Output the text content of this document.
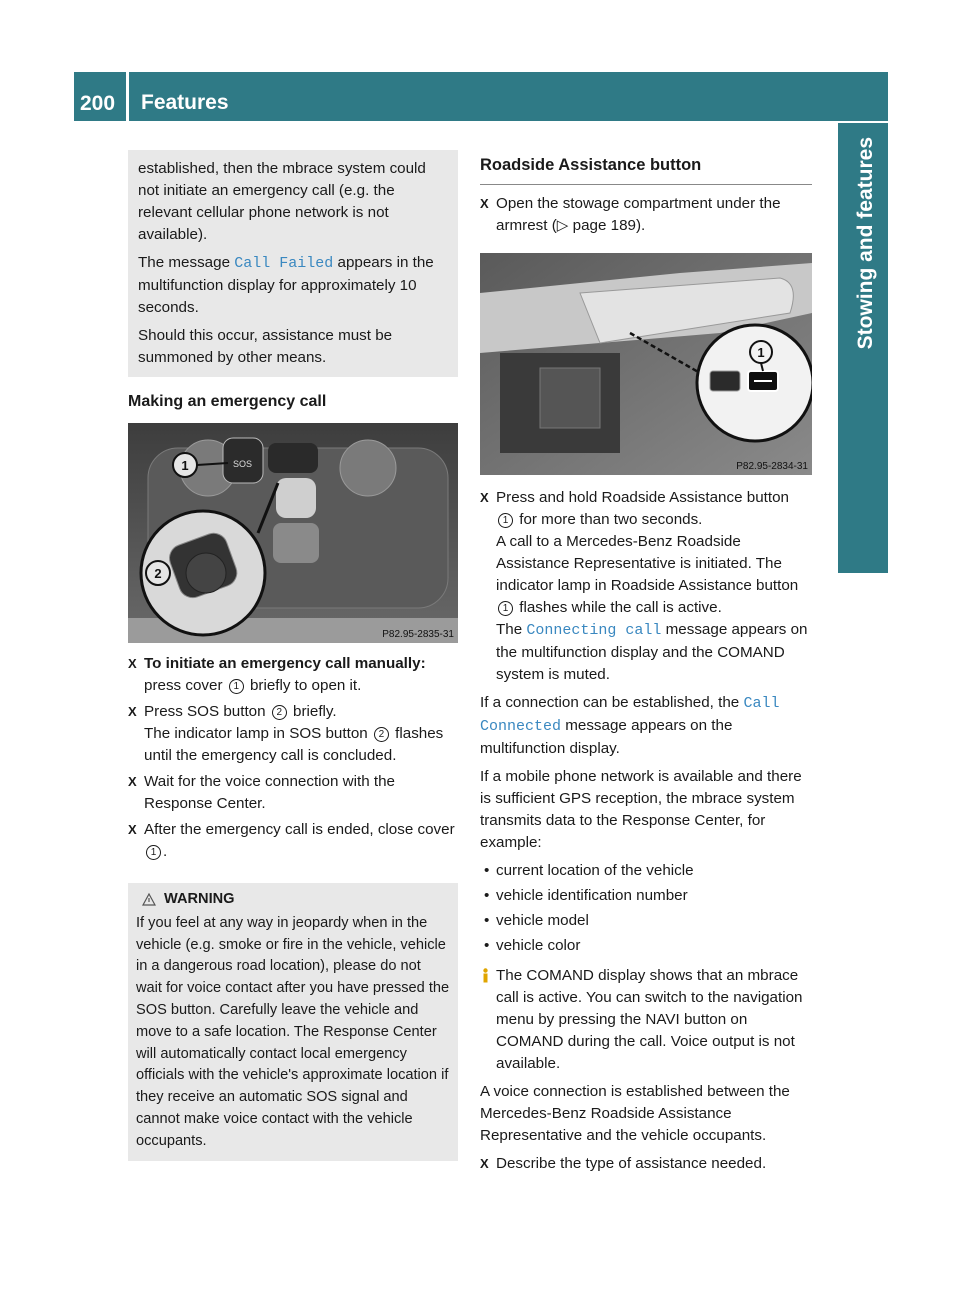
200	Features
Stowing and features

established, then the mbrace system could not initiate an emergency call (e.g. the relevant cellular phone network is not available).

The message Call Failed appears in the multifunction display for approximately 10 seconds.

Should this occur, assistance must be summoned by other means.

Making an emergency call
SOS
1
2
P82.95-2835-31
X To initiate an emergency call manually: press cover 1 briefly to open it.

X Press SOS button 2 briefly.

The indicator lamp in SOS button 2 flashes until the emergency call is concluded.

X Wait for the voice connection with the Response Center.

X After the emergency call is ended, close cover 1 .

WARNING

If you feel at any way in jeopardy when in the vehicle (e.g. smoke or fire in the vehicle, vehicle in a dangerous road location), please do not wait for voice contact after you have pressed the SOS button. Carefully leave the vehicle and move to a safe location. The Response Center will automatically contact local emergency officials with the vehicle's approximate location if they receive an automatic SOS signal and cannot make voice contact with the vehicle occupants.

Roadside Assistance button
X Open the stowage compartment under the armrest (▷ page 189).

1
P82.95-2834-31
X Press and hold Roadside Assistance button 1 for more than two seconds.

A call to a Mercedes-Benz Roadside Assistance Representative is initiated. The indicator lamp in Roadside Assistance button 1 flashes while the call is active.

The Connecting call message appears on the multifunction display and the COMAND system is muted.

If a connection can be established, the Call Connected message appears on the multifunction display.

If a mobile phone network is available and there is sufficient GPS reception, the mbrace system transmits data to the Response Center, for example:

• current location of the vehicle
• vehicle identification number
• vehicle model
• vehicle color

The COMAND display shows that an mbrace call is active. You can switch to the navigation menu by pressing the NAVI button on COMAND during the call. Voice output is not available.

A voice connection is established between the Mercedes-Benz Roadside Assistance Representative and the vehicle occupants.

X Describe the type of assistance needed.
